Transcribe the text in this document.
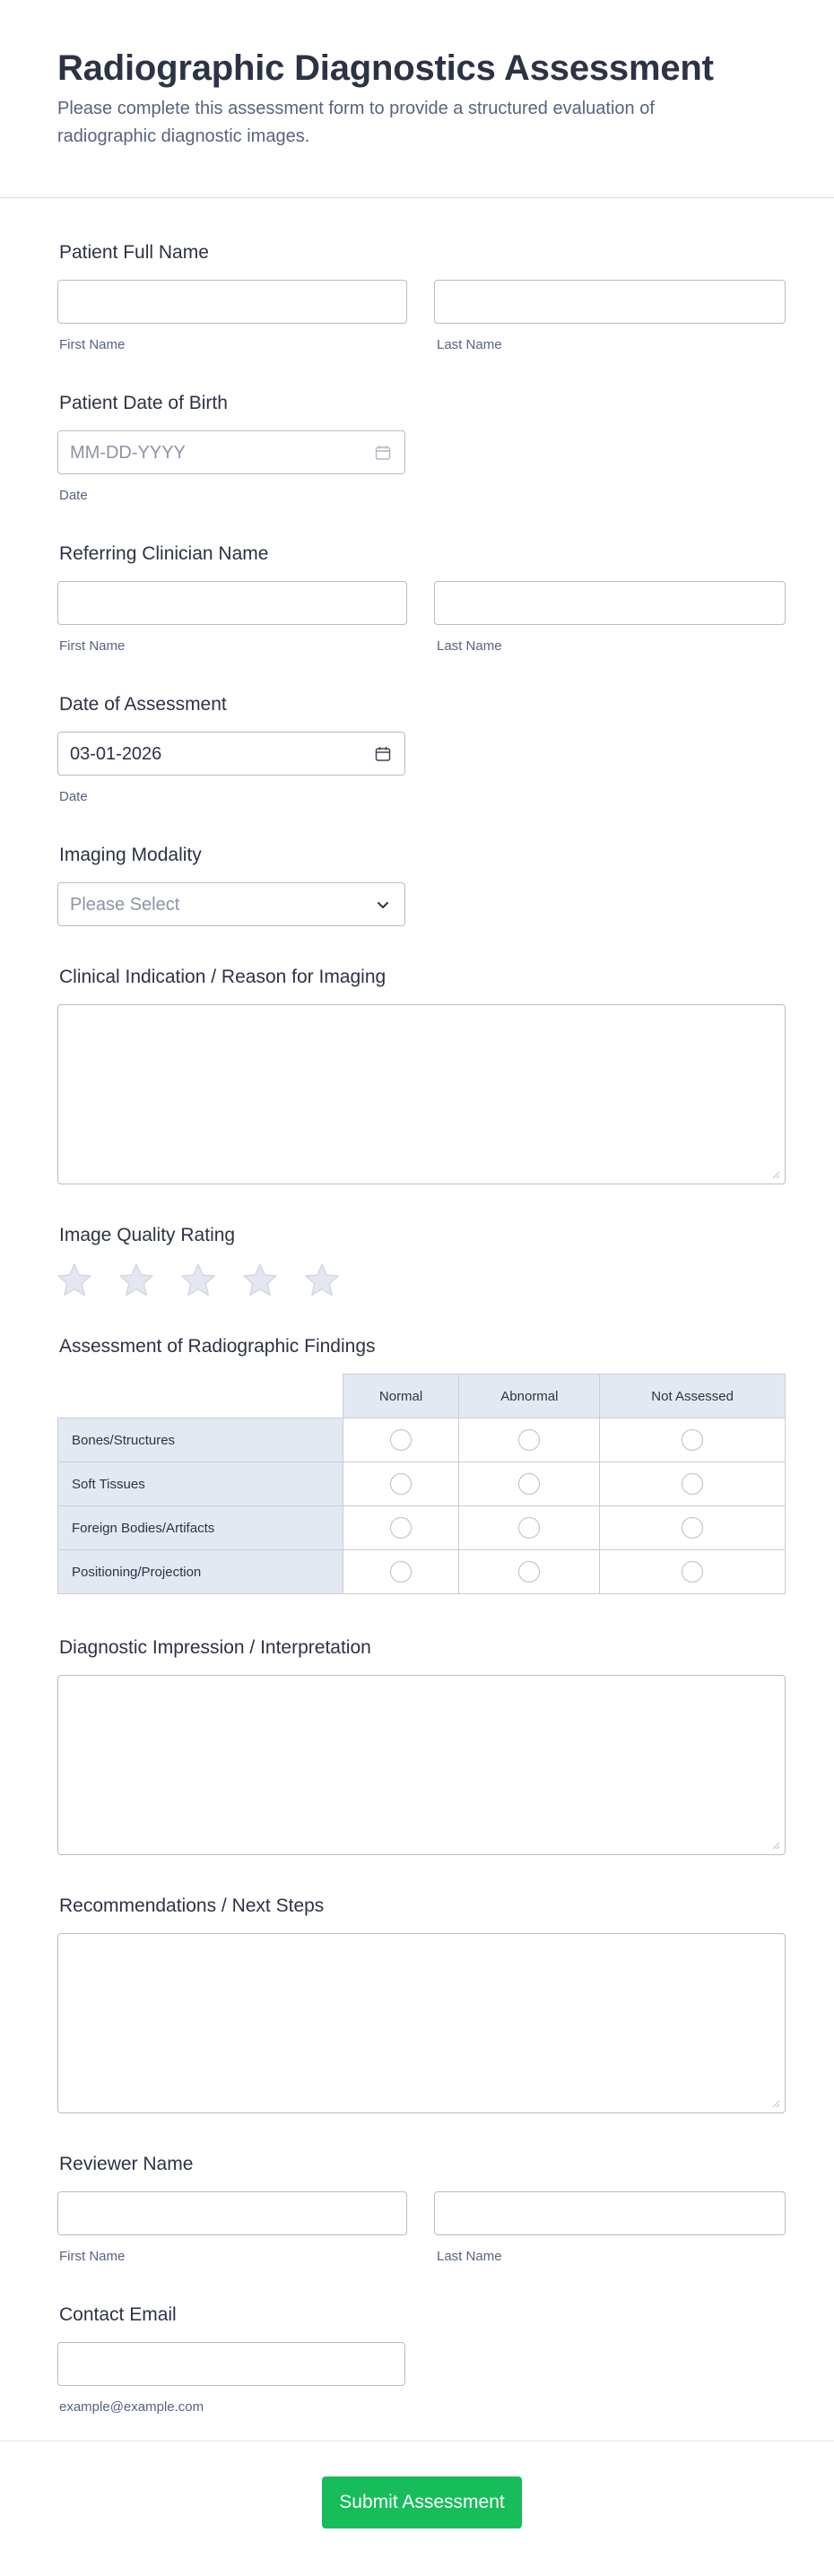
Radiographic Diagnostics Assessment

Please complete this assessment form to provide a structured evaluation of radiographic diagnostic images.

Patient Full Name
First Name	Last Name
Patient Date of Birth
MM-DD-YYYY
Date
Referring Clinician Name
First Name	Last Name
Date of Assessment
03-01-2026
Date
Imaging Modality
Please Select
Clinical Indication / Reason for Imaging
Image Quality Rating
Assessment of Radiographic Findings
	Normal	Abnormal	Not Assessed
Bones/Structures			
Soft Tissues			
Foreign Bodies/Artifacts			
Positioning/Projection			
Diagnostic Impression / Interpretation
Recommendations / Next Steps
Reviewer Name
First Name	Last Name
Contact Email
example@example.com
Submit Assessment
